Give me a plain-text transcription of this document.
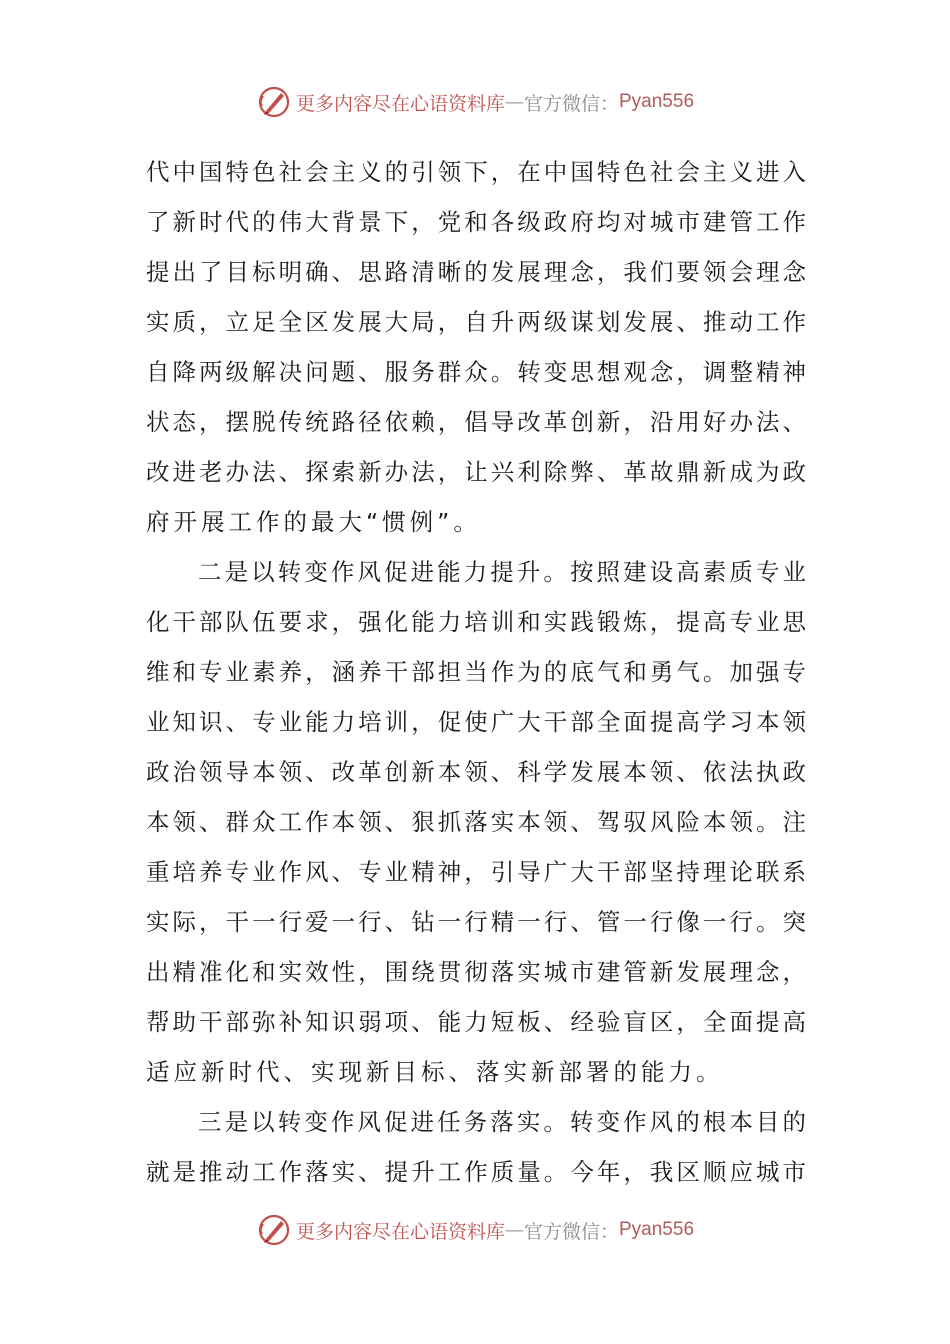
更多内容尽在心语资料库 — 官方微信： Pyan556
代中国特色社会主义的引领下，在中国特色社会主义进入
了新时代的伟大背景下，党和各级政府均对城市建管工作
提出了目标明确、思路清晰的发展理念，我们要领会理念
实质，立足全区发展大局，自升两级谋划发展、推动工作
自降两级解决问题、服务群众。转变思想观念，调整精神
状态，摆脱传统路径依赖，倡导改革创新，沿用好办法、
改进老办法、探索新办法，让兴利除弊、革故鼎新成为政
府开展工作的最大“惯例”。
二是以转变作风促进能力提升。按照建设高素质专业
化干部队伍要求，强化能力培训和实践锻炼，提高专业思
维和专业素养，涵养干部担当作为的底气和勇气。加强专
业知识、专业能力培训，促使广大干部全面提高学习本领
政治领导本领、改革创新本领、科学发展本领、依法执政
本领、群众工作本领、狠抓落实本领、驾驭风险本领。注
重培养专业作风、专业精神，引导广大干部坚持理论联系
实际，干一行爱一行、钻一行精一行、管一行像一行。突
出精准化和实效性，围绕贯彻落实城市建管新发展理念，
帮助干部弥补知识弱项、能力短板、经验盲区，全面提高
适应新时代、实现新目标、落实新部署的能力。
三是以转变作风促进任务落实。转变作风的根本目的
就是推动工作落实、提升工作质量。今年，我区顺应城市
更多内容尽在心语资料库 — 官方微信： Pyan556
